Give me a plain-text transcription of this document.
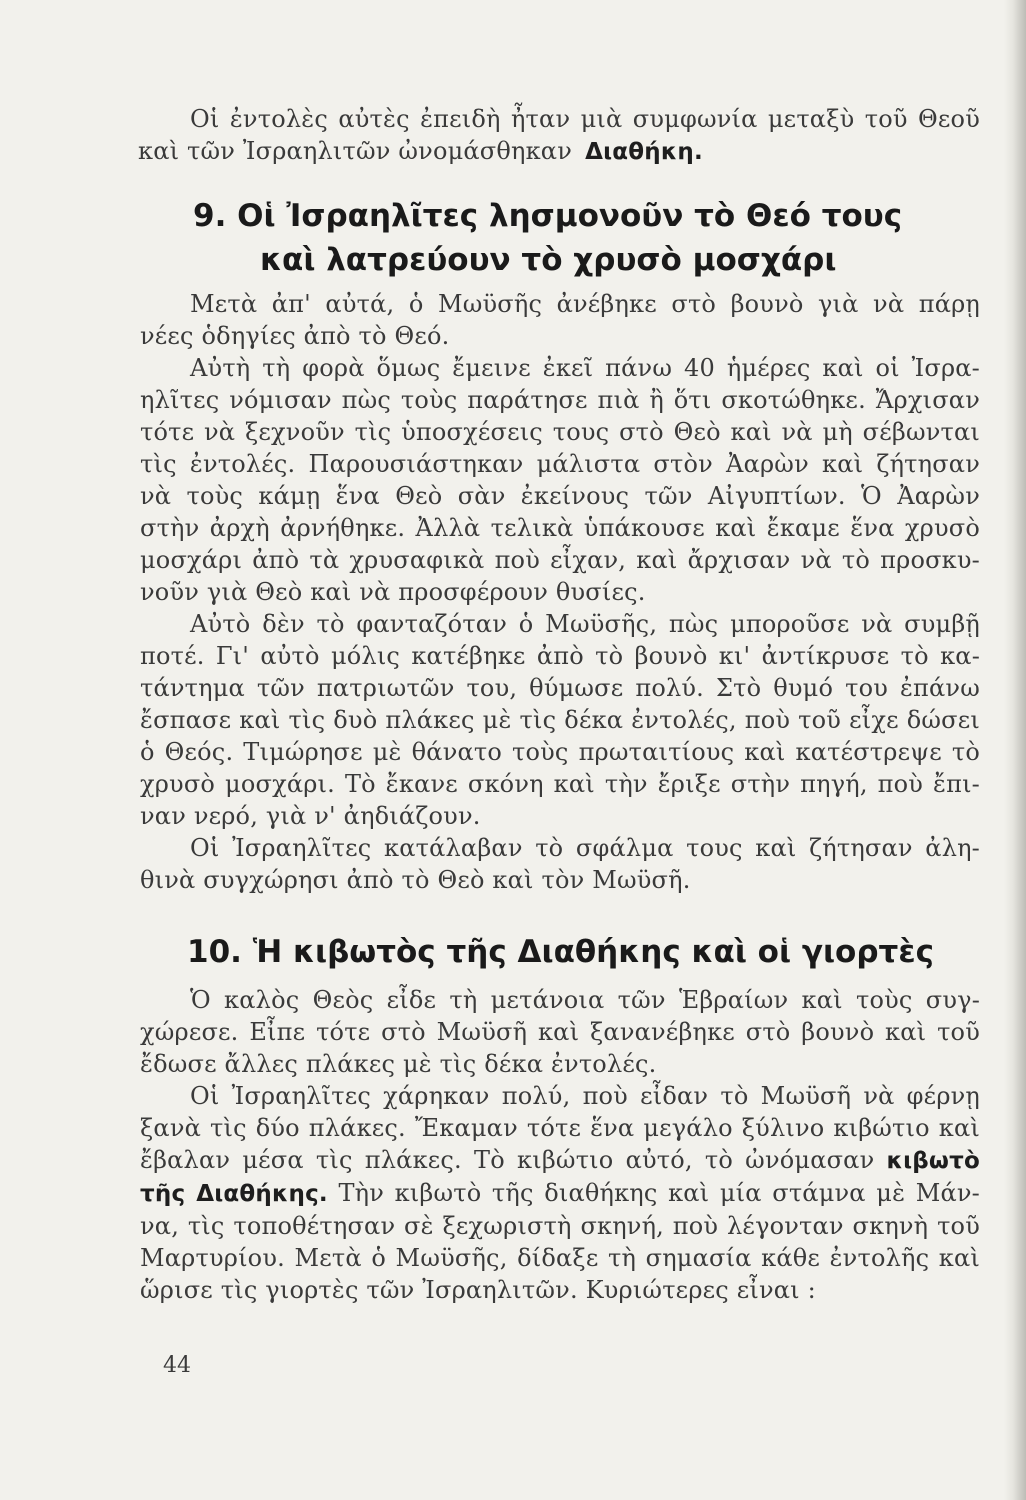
Οἱ ἐντολὲς αὐτὲς ἐπειδὴ ἦταν μιὰ συμφωνία μεταξὺ τοῦ Θεοῦ
καὶ τῶν Ἰσραηλιτῶν ὠνομάσθηκαν Διαθήκη.
9. Οἱ Ἰσραηλῖτες λησμονοῦν τὸ Θεό τους
καὶ λατρεύουν τὸ χρυσὸ μοσχάρι
Μετὰ ἀπ' αὐτά, ὁ Μωϋσῆς ἀνέβηκε στὸ βουνὸ γιὰ νὰ πάρῃ
νέες ὁδηγίες ἀπὸ τὸ Θεό.
Αὐτὴ τὴ φορὰ ὅμως ἔμεινε ἐκεῖ πάνω 40 ἡμέρες καὶ οἱ Ἰσρα-
ηλῖτες νόμισαν πὼς τοὺς παράτησε πιὰ ἢ ὅτι σκοτώθηκε. Ἄρχισαν
τότε νὰ ξεχνοῦν τὶς ὑποσχέσεις τους στὸ Θεὸ καὶ νὰ μὴ σέβωνται
τὶς ἐντολές. Παρουσιάστηκαν μάλιστα στὸν Ἀαρὼν καὶ ζήτησαν
νὰ τοὺς κάμῃ ἕνα Θεὸ σὰν ἐκείνους τῶν Αἰγυπτίων. Ὁ Ἀαρὼν
στὴν ἀρχὴ ἀρνήθηκε. Ἀλλὰ τελικὰ ὑπάκουσε καὶ ἔκαμε ἕνα χρυσὸ
μοσχάρι ἀπὸ τὰ χρυσαφικὰ ποὺ εἶχαν, καὶ ἄρχισαν νὰ τὸ προσκυ-
νοῦν γιὰ Θεὸ καὶ νὰ προσφέρουν θυσίες.
Αὐτὸ δὲν τὸ φανταζόταν ὁ Μωϋσῆς, πὼς μποροῦσε νὰ συμβῇ
ποτέ. Γι' αὐτὸ μόλις κατέβηκε ἀπὸ τὸ βουνὸ κι' ἀντίκρυσε τὸ κα-
τάντημα τῶν πατριωτῶν του, θύμωσε πολύ. Στὸ θυμό του ἐπάνω
ἔσπασε καὶ τὶς δυὸ πλάκες μὲ τὶς δέκα ἐντολές, ποὺ τοῦ εἶχε δώσει
ὁ Θεός. Τιμώρησε μὲ θάνατο τοὺς πρωταιτίους καὶ κατέστρεψε τὸ
χρυσὸ μοσχάρι. Τὸ ἔκανε σκόνη καὶ τὴν ἔριξε στὴν πηγή, ποὺ ἔπι-
ναν νερό, γιὰ ν' ἀηδιάζουν.
Οἱ Ἰσραηλῖτες κατάλαβαν τὸ σφάλμα τους καὶ ζήτησαν ἀλη-
θινὰ συγχώρησι ἀπὸ τὸ Θεὸ καὶ τὸν Μωϋσῆ.
10. Ἡ κιβωτὸς τῆς Διαθήκης καὶ οἱ γιορτὲς
Ὁ καλὸς Θεὸς εἶδε τὴ μετάνοια τῶν Ἑβραίων καὶ τοὺς συγ-
χώρεσε. Εἶπε τότε στὸ Μωϋσῆ καὶ ξανανέβηκε στὸ βουνὸ καὶ τοῦ
ἔδωσε ἄλλες πλάκες μὲ τὶς δέκα ἐντολές.
Οἱ Ἰσραηλῖτες χάρηκαν πολύ, ποὺ εἶδαν τὸ Μωϋσῆ νὰ φέρνῃ
ξανὰ τὶς δύο πλάκες. Ἔκαμαν τότε ἕνα μεγάλο ξύλινο κιβώτιο καὶ
ἔβαλαν μέσα τὶς πλάκες. Τὸ κιβώτιο αὐτό, τὸ ὠνόμασαν κιβωτὸ
τῆς Διαθήκης. Τὴν κιβωτὸ τῆς διαθήκης καὶ μία στάμνα μὲ Μάν-
να, τὶς τοποθέτησαν σὲ ξεχωριστὴ σκηνή, ποὺ λέγονταν σκηνὴ τοῦ
Μαρτυρίου. Μετὰ ὁ Μωϋσῆς, δίδαξε τὴ σημασία κάθε ἐντολῆς καὶ
ὥρισε τὶς γιορτὲς τῶν Ἰσραηλιτῶν. Κυριώτερες εἶναι :
44
